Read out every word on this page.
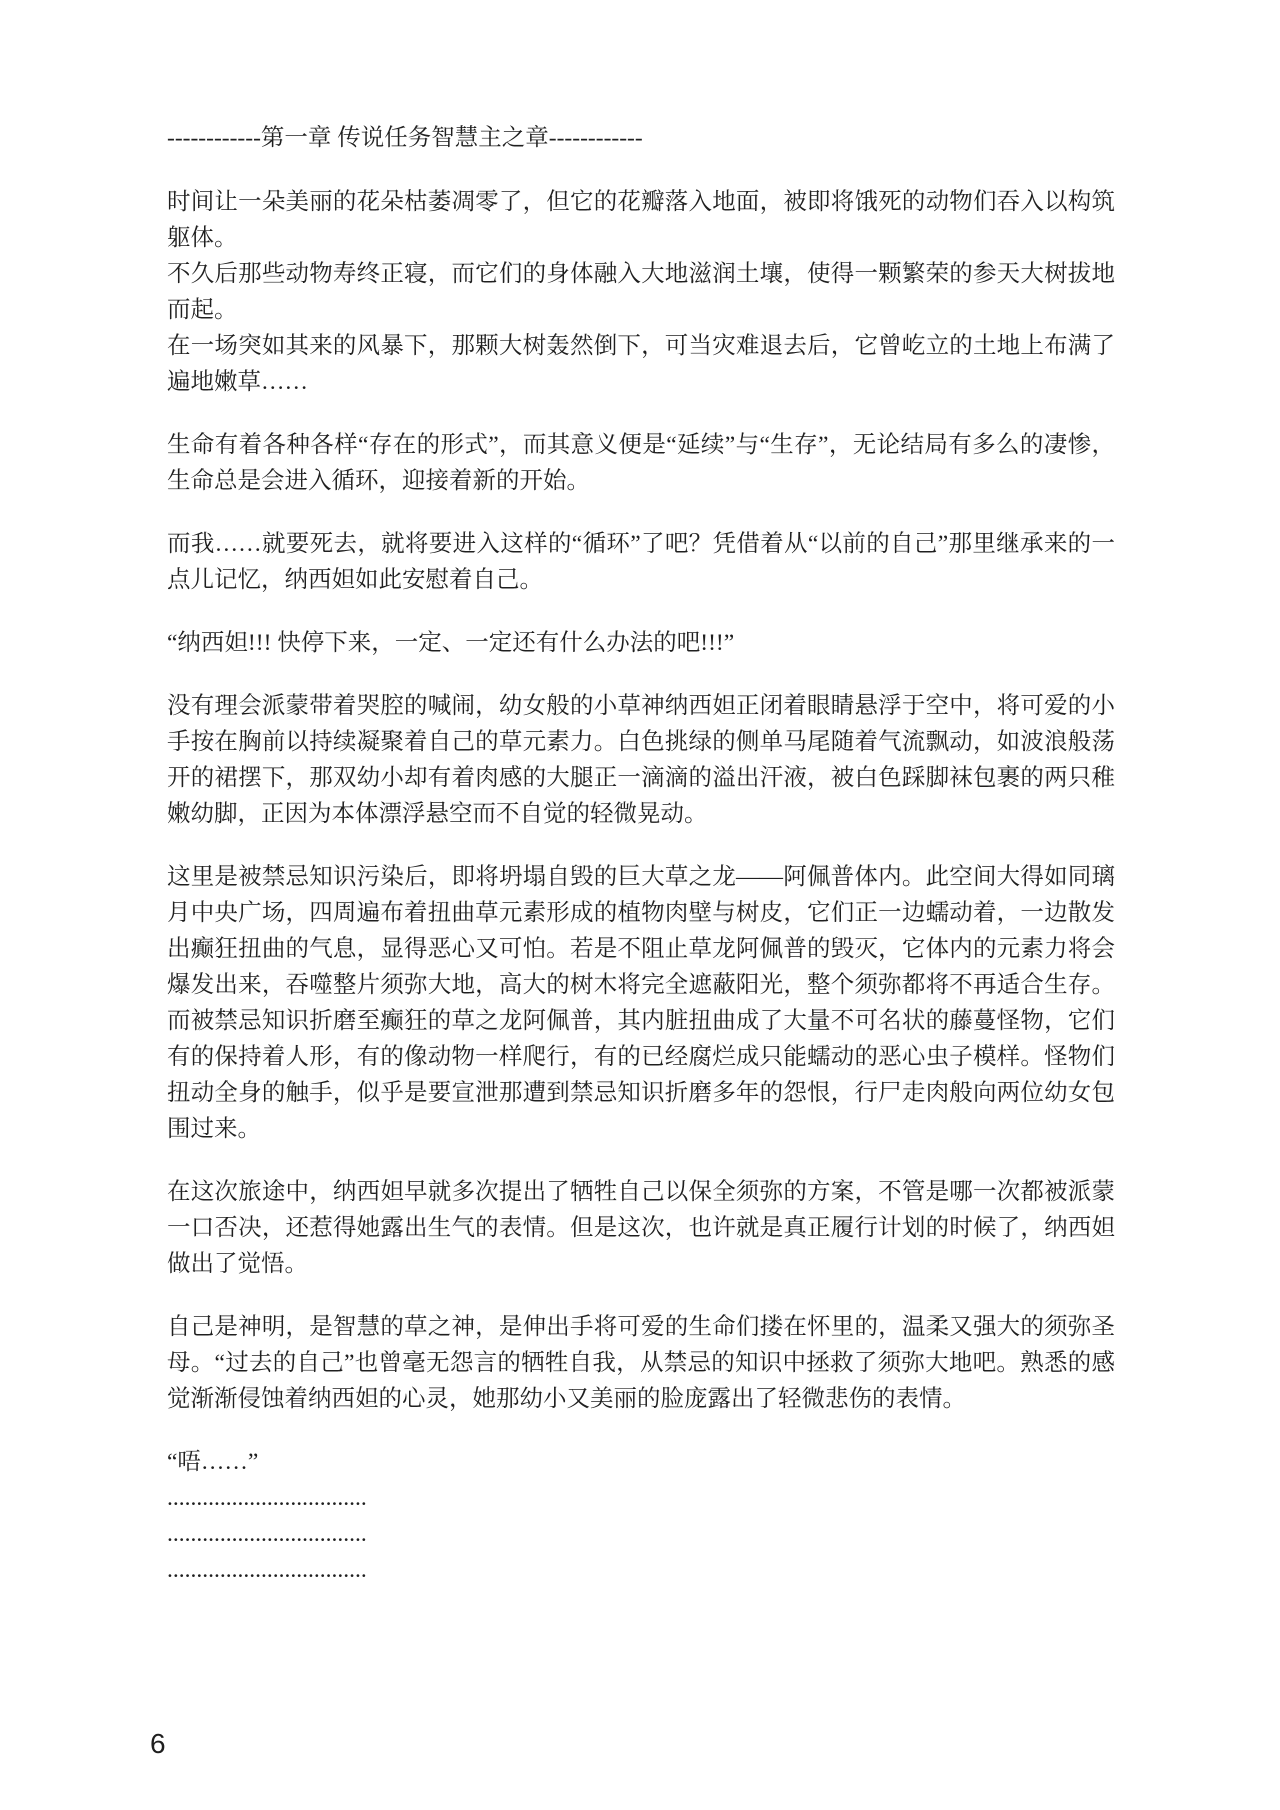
------------第一章 传说任务智慧主之章------------

时间让一朵美丽的花朵枯萎凋零了，但它的花瓣落入地面，被即将饿死的动物们吞入以构筑躯体。

不久后那些动物寿终正寝，而它们的身体融入大地滋润土壤，使得一颗繁荣的参天大树拔地而起。

在一场突如其来的风暴下，那颗大树轰然倒下，可当灾难退去后，它曾屹立的土地上布满了遍地嫩草……

生命有着各种各样“存在的形式”，而其意义便是“延续”与“生存”，无论结局有多么的凄惨，生命总是会进入循环，迎接着新的开始。

而我……就要死去，就将要进入这样的“循环”了吧？凭借着从“以前的自己”那里继承来的一点儿记忆，纳西妲如此安慰着自己。

“纳西妲!!! 快停下来，一定、一定还有什么办法的吧!!!”

没有理会派蒙带着哭腔的喊闹，幼女般的小草神纳西妲正闭着眼睛悬浮于空中，将可爱的小手按在胸前以持续凝聚着自己的草元素力。白色挑绿的侧单马尾随着气流飘动，如波浪般荡开的裙摆下，那双幼小却有着肉感的大腿正一滴滴的溢出汗液，被白色踩脚袜包裹的两只稚嫩幼脚，正因为本体漂浮悬空而不自觉的轻微晃动。

这里是被禁忌知识污染后，即将坍塌自毁的巨大草之龙——阿佩普体内。此空间大得如同璃月中央广场，四周遍布着扭曲草元素形成的植物肉壁与树皮，它们正一边蠕动着，一边散发出癫狂扭曲的气息，显得恶心又可怕。若是不阻止草龙阿佩普的毁灭，它体内的元素力将会爆发出来，吞噬整片须弥大地，高大的树木将完全遮蔽阳光，整个须弥都将不再适合生存。而被禁忌知识折磨至癫狂的草之龙阿佩普，其内脏扭曲成了大量不可名状的藤蔓怪物，它们有的保持着人形，有的像动物一样爬行，有的已经腐烂成只能蠕动的恶心虫子模样。怪物们扭动全身的触手，似乎是要宣泄那遭到禁忌知识折磨多年的怨恨，行尸走肉般向两位幼女包围过来。

在这次旅途中，纳西妲早就多次提出了牺牲自己以保全须弥的方案，不管是哪一次都被派蒙一口否决，还惹得她露出生气的表情。但是这次，也许就是真正履行计划的时候了，纳西妲做出了觉悟。

自己是神明，是智慧的草之神，是伸出手将可爱的生命们搂在怀里的，温柔又强大的须弥圣母。“过去的自己”也曾毫无怨言的牺牲自我，从禁忌的知识中拯救了须弥大地吧。熟悉的感觉渐渐侵蚀着纳西妲的心灵，她那幼小又美丽的脸庞露出了轻微悲伤的表情。

“唔……”

..................................

..................................

..................................

6
